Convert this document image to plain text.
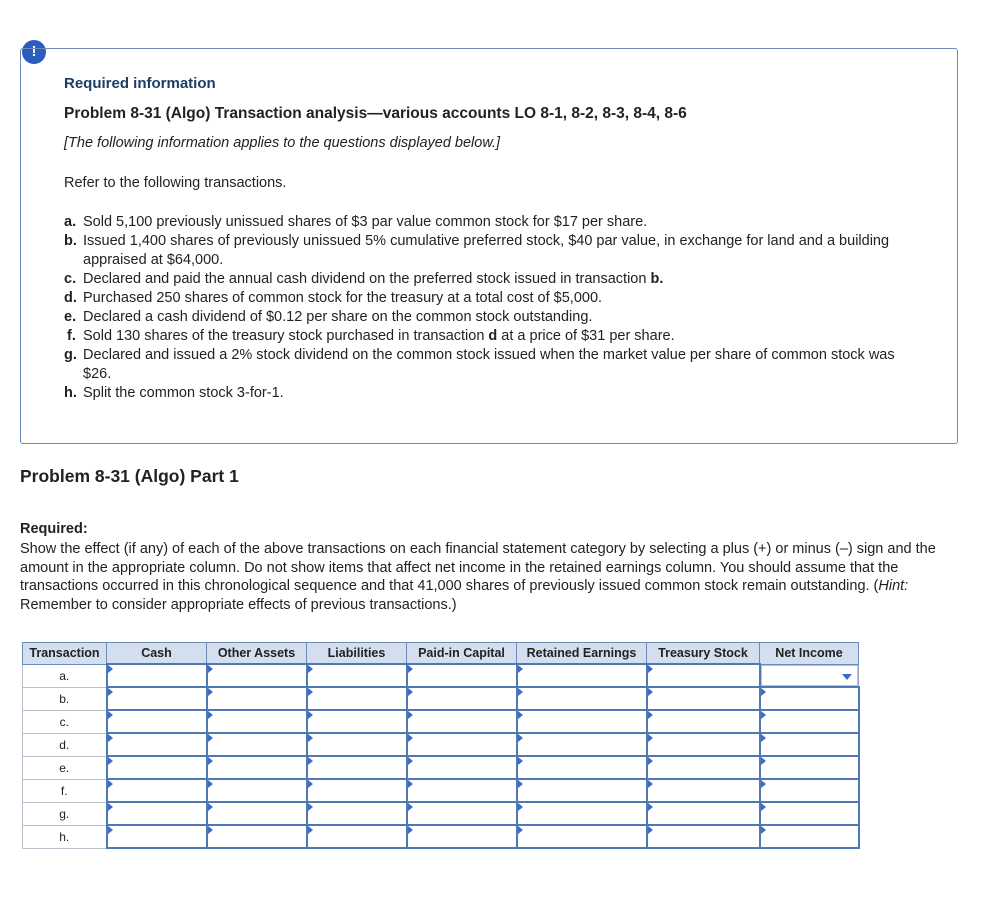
!
Required information
Problem 8-31 (Algo) Transaction analysis—various accounts LO 8-1, 8-2, 8-3, 8-4, 8-6
[The following information applies to the questions displayed below.]
Refer to the following transactions.
a. Sold 5,100 previously unissued shares of $3 par value common stock for $17 per share.
b. Issued 1,400 shares of previously unissued 5% cumulative preferred stock, $40 par value, in exchange for land and a building appraised at $64,000.
c. Declared and paid the annual cash dividend on the preferred stock issued in transaction b.
d. Purchased 250 shares of common stock for the treasury at a total cost of $5,000.
e. Declared a cash dividend of $0.12 per share on the common stock outstanding.
f. Sold 130 shares of the treasury stock purchased in transaction d at a price of $31 per share.
g. Declared and issued a 2% stock dividend on the common stock issued when the market value per share of common stock was $26.
h. Split the common stock 3-for-1.
Problem 8-31 (Algo) Part 1
Required:

Show the effect (if any) of each of the above transactions on each financial statement category by selecting a plus (+) or minus (–) sign and the amount in the appropriate column. Do not show items that affect net income in the retained earnings column. You should assume that the transactions occurred in this chronological sequence and that 41,000 shares of previously issued common stock remain outstanding. (Hint: Remember to consider appropriate effects of previous transactions.)

Transaction	Cash	Other Assets	Liabilities	Paid-in Capital	Retained Earnings	Treasury Stock	Net Income
a.	

b.	

c.	

d.	

e.	

f.	

g.	

h.	
